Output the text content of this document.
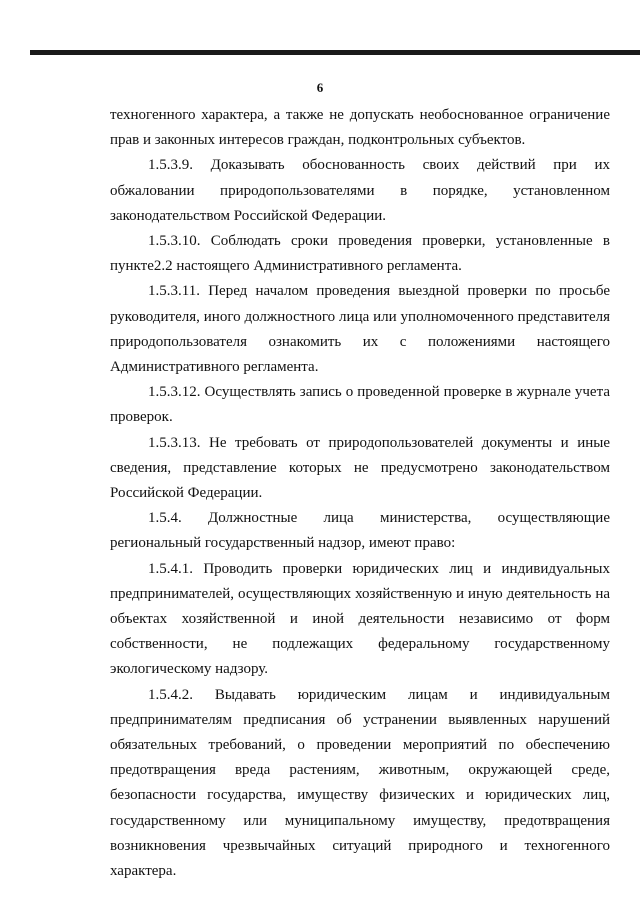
6

техногенного характера, а также не допускать необоснованное ограничение прав и законных интересов граждан, подконтрольных субъектов.

1.5.3.9. Доказывать обоснованность своих действий при их обжаловании природопользователями в порядке, установленном законодательством Российской Федерации.

1.5.3.10. Соблюдать сроки проведения проверки, установленные в пункте2.2 настоящего Административного регламента.

1.5.3.11. Перед началом проведения выездной проверки по просьбе руководителя, иного должностного лица или уполномоченного представителя природопользователя ознакомить их с положениями настоящего Административного регламента.

1.5.3.12. Осуществлять запись о проведенной проверке в журнале учета проверок.

1.5.3.13. Не требовать от природопользователей документы и иные сведения, представление которых не предусмотрено законодательством Российской Федерации.

1.5.4. Должностные лица министерства, осуществляющие региональный государственный надзор, имеют право:

1.5.4.1. Проводить проверки юридических лиц и индивидуальных предпринимателей, осуществляющих хозяйственную и иную деятельность на объектах хозяйственной и иной деятельности независимо от форм собственности, не подлежащих федеральному государственному экологическому надзору.

1.5.4.2. Выдавать юридическим лицам и индивидуальным предпринимателям предписания об устранении выявленных нарушений обязательных требований, о проведении мероприятий по обеспечению предотвращения вреда растениям, животным, окружающей среде, безопасности государства, имуществу физических и юридических лиц, государственному или муниципальному имуществу, предотвращения возникновения чрезвычайных ситуаций природного и техногенного характера.
